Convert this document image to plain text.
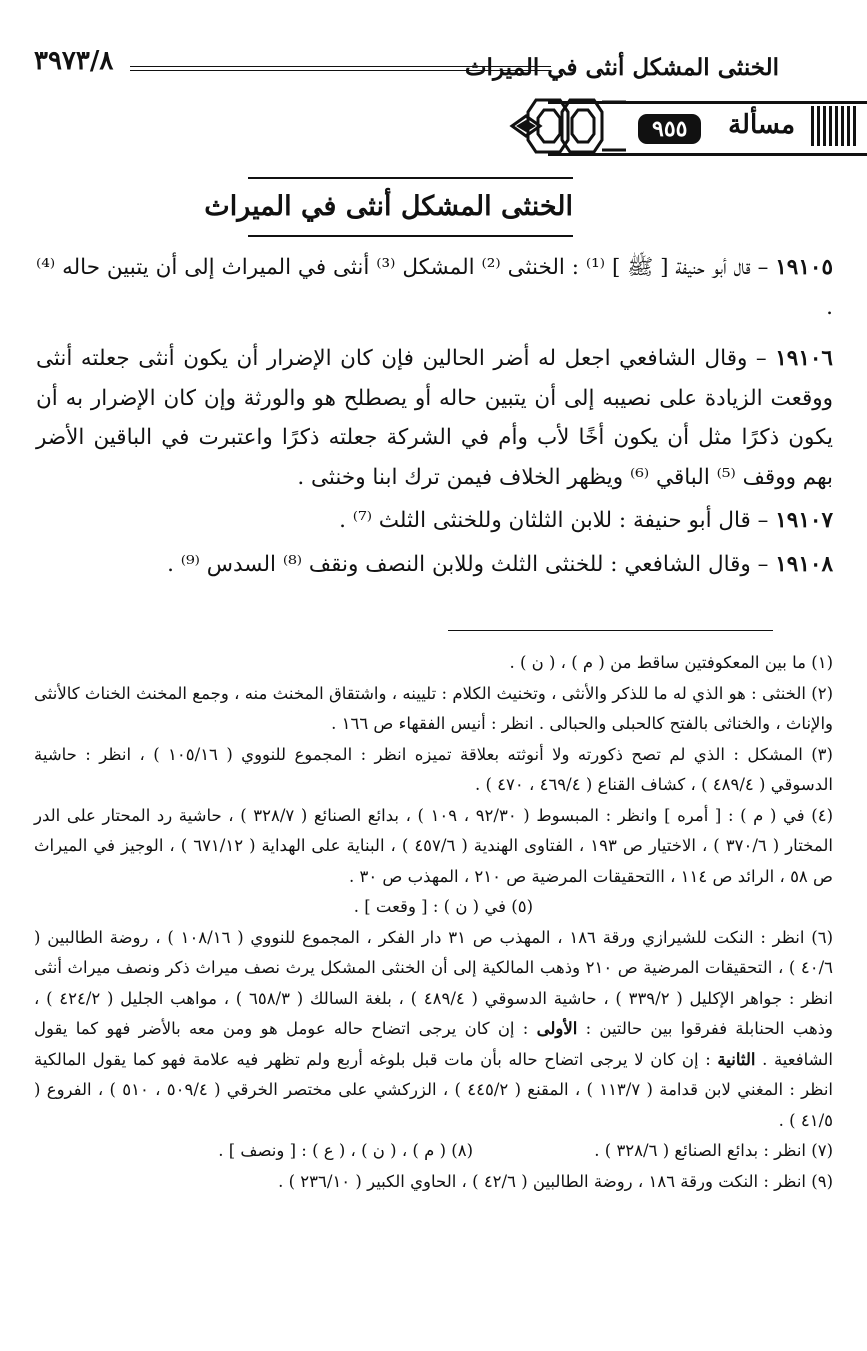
الخنثى المشكل أنثى في الميراث
٣٩٧٣/٨
مسألة
٩٥٥
الخنثى المشكل أنثى في الميراث

١٩١٠٥ – قال أبو حنيفة [ ﷺ ] ⁽¹⁾ : الخنثى ⁽²⁾ المشكل ⁽³⁾ أنثى في الميراث إلى أن يتبين حاله ⁽⁴⁾ .

١٩١٠٦ – وقال الشافعي اجعل له أضر الحالين فإن كان الإضرار أن يكون أنثى جعلته أنثى ووقعت الزيادة على نصيبه إلى أن يتبين حاله أو يصطلح هو والورثة وإن كان الإضرار به أن يكون ذكرًا مثل أن يكون أخًا لأب وأم في الشركة جعلته ذكرًا واعتبرت في الباقين الأضر بهم ووقف ⁽⁵⁾ الباقي ⁽⁶⁾ ويظهر الخلاف فيمن ترك ابنا وخنثى .

١٩١٠٧ – قال أبو حنيفة : للابن الثلثان وللخنثى الثلث ⁽⁷⁾ .

١٩١٠٨ – وقال الشافعي : للخنثى الثلث وللابن النصف ونقف ⁽⁸⁾ السدس ⁽⁹⁾ .

(١) ما بين المعكوفتين ساقط من ( م ) ، ( ن ) .

(٢) الخنثى : هو الذي له ما للذكر والأنثى ، وتخنيث الكلام : تليينه ، واشتقاق المخنث منه ، وجمع المخنث الخناث كالأنثى والإناث ، والخناثى بالفتح كالحبلى والحبالى . انظر : أنيس الفقهاء ص ١٦٦ .

(٣) المشكل : الذي لم تصح ذكورته ولا أنوثته بعلاقة تميزه انظر : المجموع للنووي ( ١٠٥/١٦ ) ، انظر : حاشية الدسوقي ( ٤٨٩/٤ ) ، كشاف القناع ( ٤٦٩/٤ ، ٤٧٠ ) .

(٤) في ( م ) : [ أمره ] وانظر : المبسوط ( ٩٢/٣٠ ، ١٠٩ ) ، بدائع الصنائع ( ٣٢٨/٧ ) ، حاشية رد المحتار على الدر المختار ( ٣٧٠/٦ ) ، الاختيار ص ١٩٣ ، الفتاوى الهندية ( ٤٥٧/٦ ) ، البناية على الهداية ( ٦٧١/١٢ ) ، الوجيز في الميراث ص ٥٨ ، الرائد ص ١١٤ ، االتحقيقات المرضية ص ٢١٠ ، المهذب ص ٣٠ .

(٥) في ( ن ) : [ وقعت ] .

(٦) انظر : النكت للشيرازي ورقة ١٨٦ ، المهذب ص ٣١ دار الفكر ، المجموع للنووي ( ١٠٨/١٦ ) ، روضة الطالبين ( ٤٠/٦ ) ، التحقيقات المرضية ص ٢١٠ وذهب المالكية إلى أن الخنثى المشكل يرث نصف ميراث ذكر ونصف ميراث أنثى انظر : جواهر الإكليل ( ٣٣٩/٢ ) ، حاشية الدسوقي ( ٤٨٩/٤ ) ، بلغة السالك ( ٦٥٨/٣ ) ، مواهب الجليل ( ٤٢٤/٢ ) ، وذهب الحنابلة ففرقوا بين حالتين : الأولى : إن كان يرجى اتضاح حاله عومل هو ومن معه بالأضر فهو كما يقول الشافعية . الثانية : إن كان لا يرجى اتضاح حاله بأن مات قبل بلوغه أربع ولم تظهر فيه علامة فهو كما يقول المالكية انظر : المغني لابن قدامة ( ١١٣/٧ ) ، المقنع ( ٤٤٥/٢ ) ، الزركشي على مختصر الخرقي ( ٥٠٩/٤ ، ٥١٠ ) ، الفروع ( ٤١/٥ ) .

(٧) انظر : بدائع الصنائع ( ٣٢٨/٦ ) .
(٨) ( م ) ، ( ن ) ، ( ع ) : [ ونصف ] .

(٩) انظر : النكت ورقة ١٨٦ ، روضة الطالبين ( ٤٢/٦ ) ، الحاوي الكبير ( ٢٣٦/١٠ ) .
